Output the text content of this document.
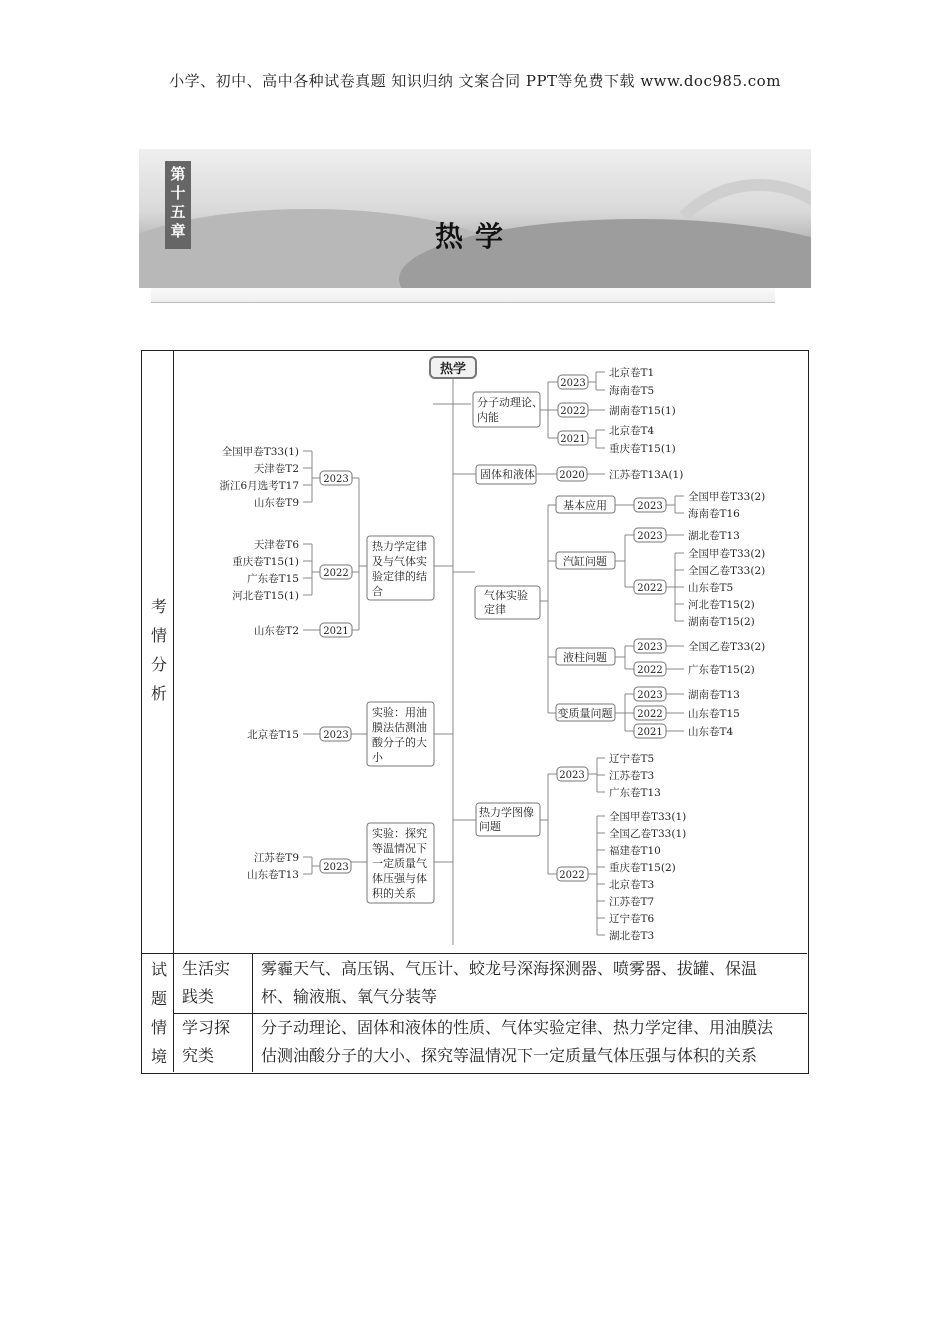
小学、初中、高中各种试卷真题 知识归纳 文案合同 PPT等免费下载 www.doc985.com
第
十
五
章	热学
考
情
分
析
试
题
情
境
生活实
践类
学习探
究类
雾霾天气、高压锅、气压计、蛟龙号深海探测器、喷雾器、拔罐、保温
杯、输液瓶、氧气分装等
分子动理论、固体和液体的性质、气体实验定律、热力学定律、用油膜法
估测油酸分子的大小、探究等温情况下一定质量气体压强与体积的关系
热学
分子动理论、内能
固体和液体
气体实验定律
热力学图像问题
热力学定律及与气体实验定律的结合
实验：用油膜法估测油酸分子的大小
实验：探究等温情况下一定质量气体压强与体积的关系
基本应用
汽缸问题
液柱问题
变质量问题
2023
2022
2021
2020
2023
2023
2022
2023
2022
2023
2022
2021
2023
2022
2023
2022
2021
2023
2023
北京卷T1
海南卷T5
湖南卷T15(1)
北京卷T4
重庆卷T15(1)
江苏卷T13A(1)
全国甲卷T33(2)
海南卷T16
湖北卷T13
全国甲卷T33(2)
全国乙卷T33(2)
山东卷T5
河北卷T15(2)
湖南卷T15(2)
全国乙卷T33(2)
广东卷T15(2)
湖南卷T13
山东卷T15
山东卷T4
辽宁卷T5
江苏卷T3
广东卷T13
全国甲卷T33(1)
全国乙卷T33(1)
福建卷T10
重庆卷T15(2)
北京卷T3
江苏卷T7
辽宁卷T6
湖北卷T3
全国甲卷T33(1)
天津卷T2
浙江6月选考T17
山东卷T9
天津卷T6
重庆卷T15(1)
广东卷T15
河北卷T15(1)
山东卷T2
北京卷T15
江苏卷T9
山东卷T13
